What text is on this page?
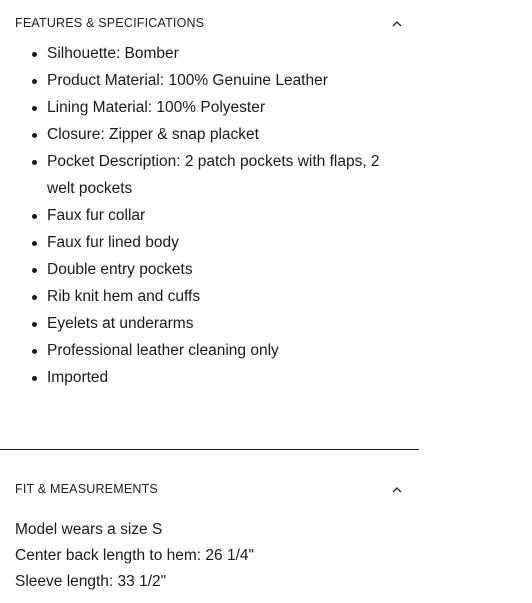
FEATURES & SPECIFICATIONS
Silhouette: Bomber
Product Material: 100% Genuine Leather
Lining Material: 100% Polyester
Closure: Zipper & snap placket
Pocket Description: 2 patch pockets with flaps, 2 welt pockets
Faux fur collar
Faux fur lined body
Double entry pockets
Rib knit hem and cuffs
Eyelets at underarms
Professional leather cleaning only
Imported
FIT & MEASUREMENTS
Model wears a size S
Center back length to hem: 26 1/4"
Sleeve length: 33 1/2"
